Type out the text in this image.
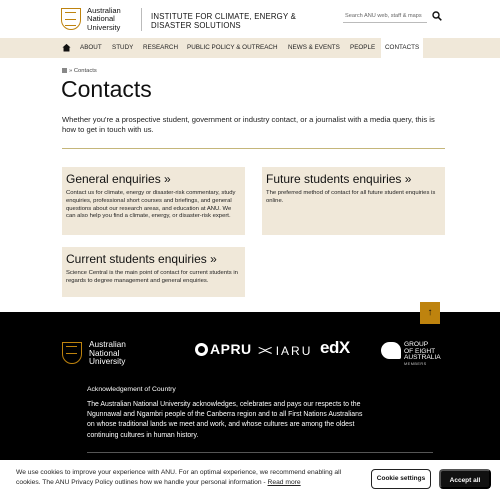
Australian
National
University
INSTITUTE FOR CLIMATE, ENERGY &
DISASTER SOLUTIONS
Search ANU web, staff & maps
ABOUT STUDY RESEARCH PUBLIC POLICY & OUTREACH NEWS & EVENTS PEOPLE	CONTACTS
» Contacts
Contacts

Whether you're a prospective student, government or industry contact, or a journalist with a media query, this is how to get in touch with us.

General enquiries »

Contact us for climate, energy or disaster-risk commentary, study enquiries, professional short courses and briefings, and general questions about our research areas, and education at ANU. We can also help you find a climate, energy, or disaster-risk expert.

Future students enquiries »

The preferred method of contact for all future student enquiries is online.

Current students enquiries »

Science Central is the main point of contact for current students in regards to degree management and general enquiries.

Australian
National
University
APRU >< IARU edX	GROUP
OF EIGHT
AUSTRALIA
MEMBERS
Acknowledgement of Country
The Australian National University acknowledges, celebrates and pays our respects to the Ngunnawal and Ngambri people of the Canberra region and to all First Nations Australians on whose traditional lands we meet and work, and whose cultures are among the oldest continuing cultures in human history.
↑
We use cookies to improve your experience with ANU. For an optimal experience, we recommend enabling all cookies. The ANU Privacy Policy outlines how we handle your personal information - Read more
Cookie settings	Accept all
